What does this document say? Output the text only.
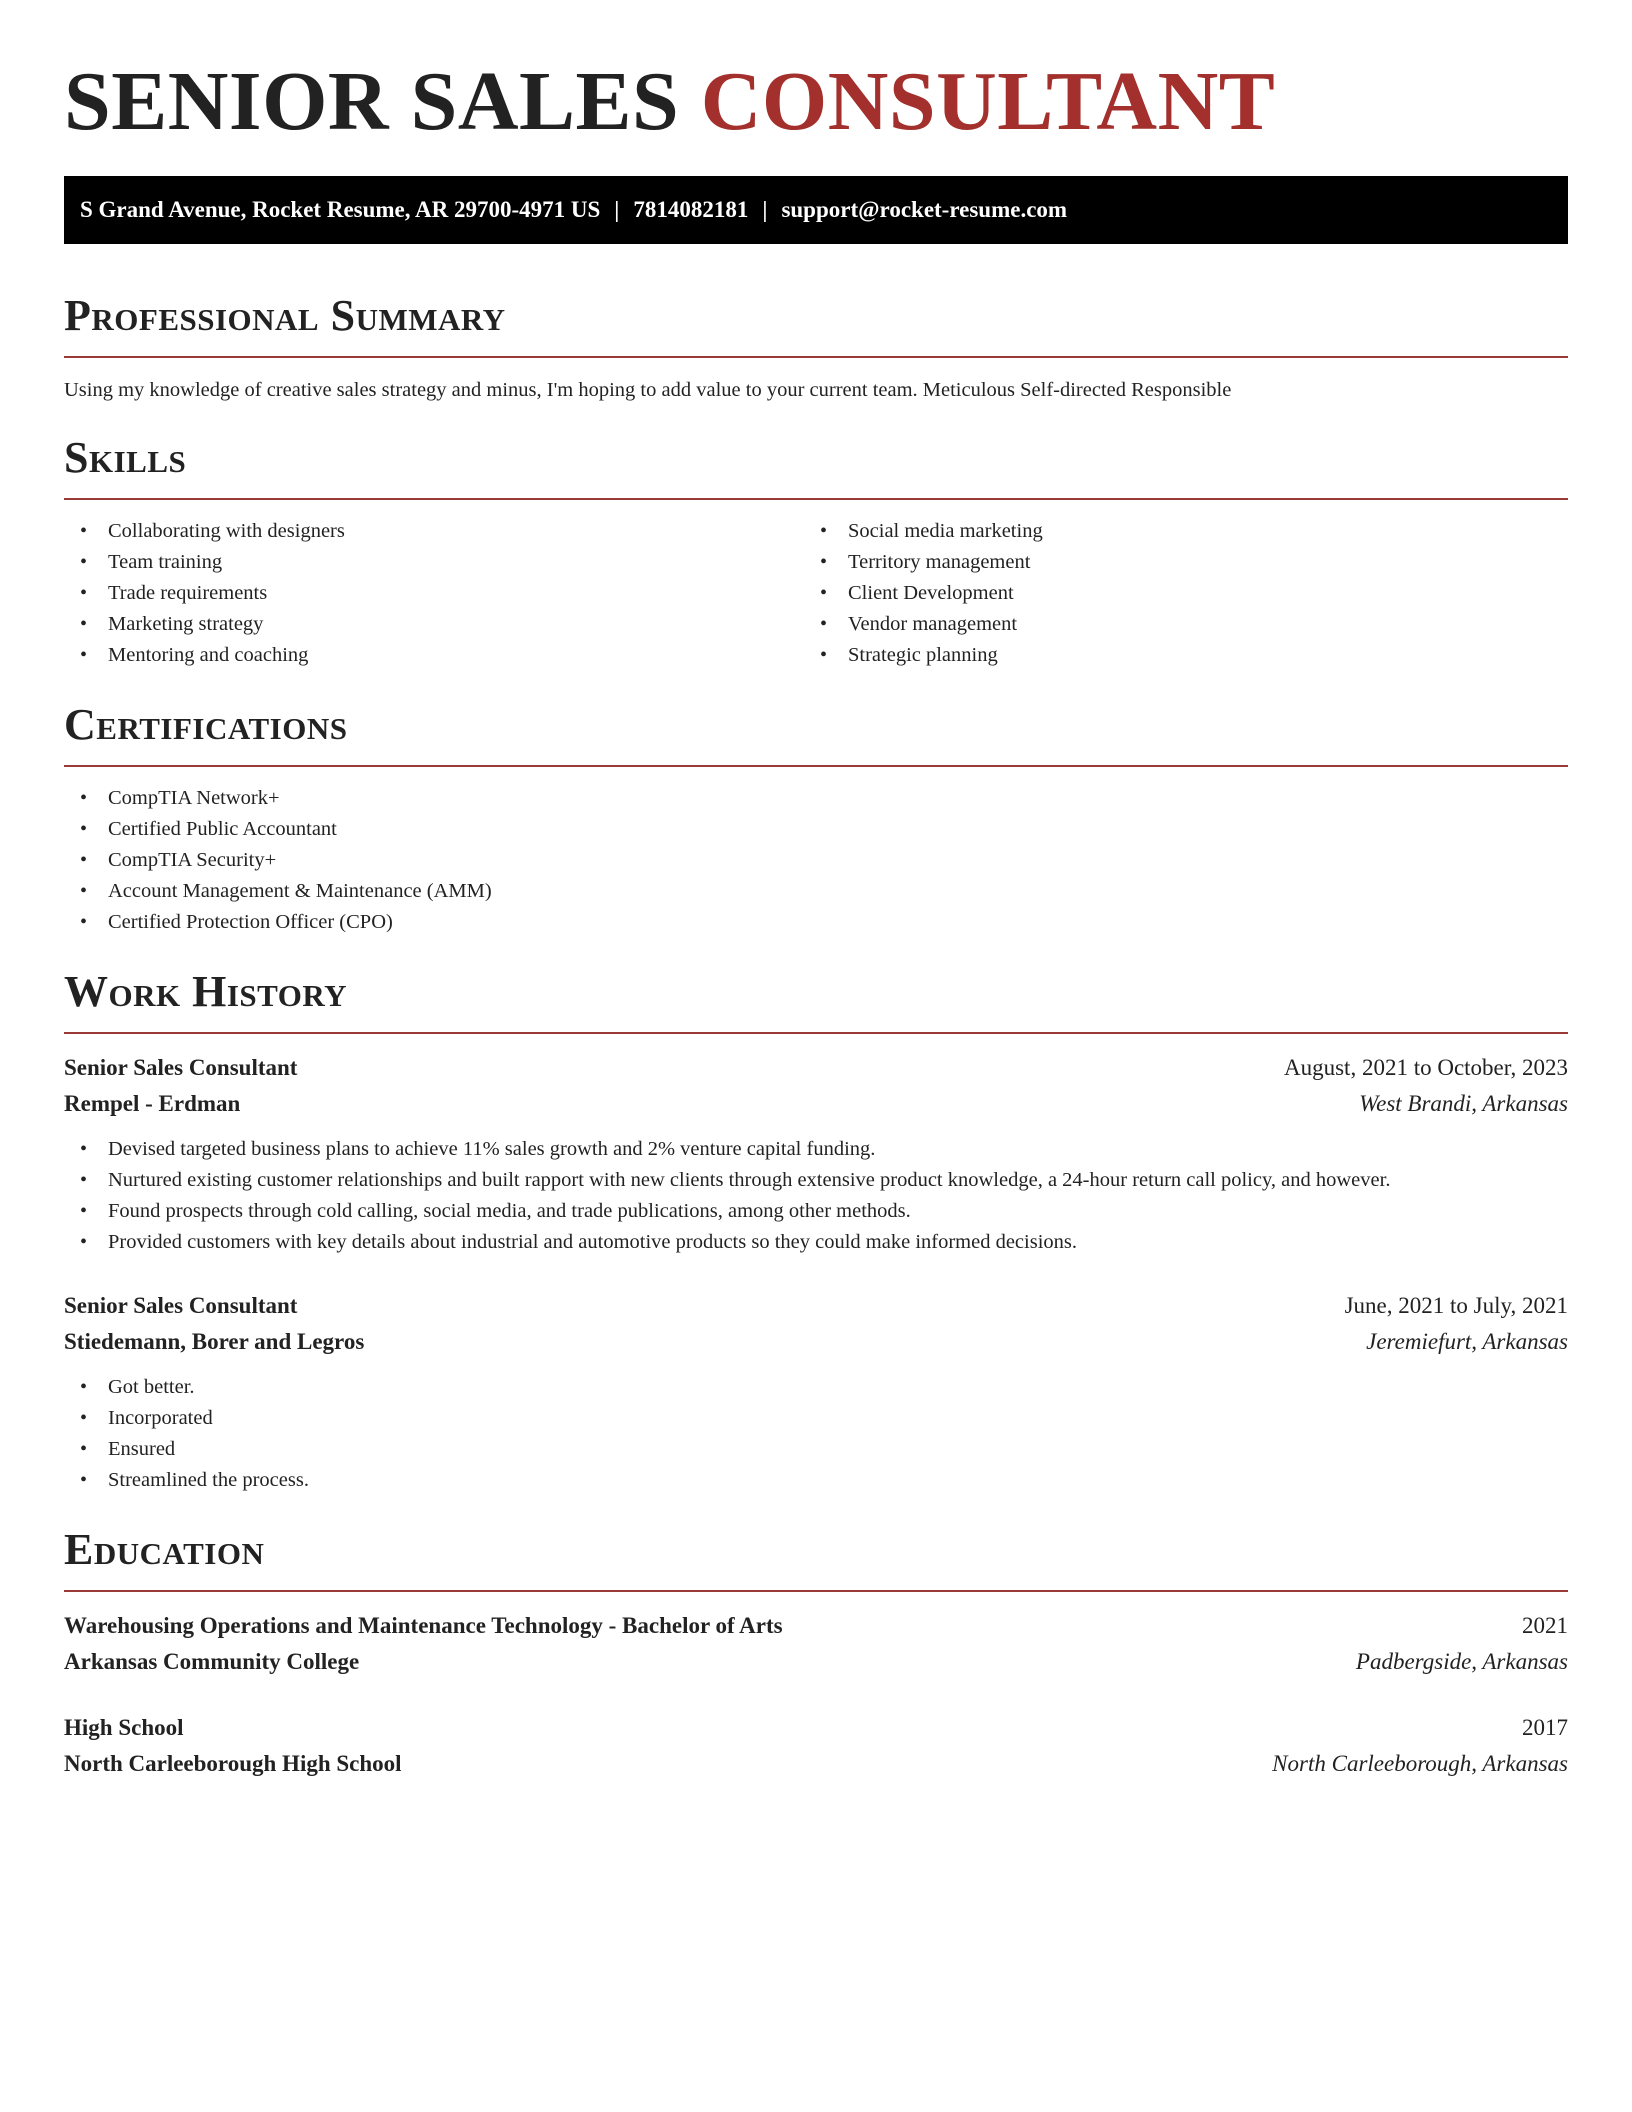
SENIOR SALES CONSULTANT
S Grand Avenue, Rocket Resume, AR 29700-4971 US | 7814082181 | support@rocket-resume.com
Professional Summary

Using my knowledge of creative sales strategy and minus, I'm hoping to add value to your current team. Meticulous Self-directed Responsible

Skills
• Collaborating with designers
• Team training
• Trade requirements
• Marketing strategy
• Mentoring and coaching
• Social media marketing
• Territory management
• Client Development
• Vendor management
• Strategic planning
Certifications
• CompTIA Network+
• Certified Public Accountant
• CompTIA Security+
• Account Management & Maintenance (AMM)
• Certified Protection Officer (CPO)
Work History
Senior Sales Consultant	August, 2021 to October, 2023
Rempel - Erdman	West Brandi, Arkansas
• Devised targeted business plans to achieve 11% sales growth and 2% venture capital funding.
• Nurtured existing customer relationships and built rapport with new clients through extensive product knowledge, a 24-hour return call policy, and however.
• Found prospects through cold calling, social media, and trade publications, among other methods.
• Provided customers with key details about industrial and automotive products so they could make informed decisions.
Senior Sales Consultant	June, 2021 to July, 2021
Stiedemann, Borer and Legros	Jeremiefurt, Arkansas
• Got better.
• Incorporated
• Ensured
• Streamlined the process.
Education
Warehousing Operations and Maintenance Technology - Bachelor of Arts	2021
Arkansas Community College	Padbergside, Arkansas
High School	2017
North Carleeborough High School	North Carleeborough, Arkansas
